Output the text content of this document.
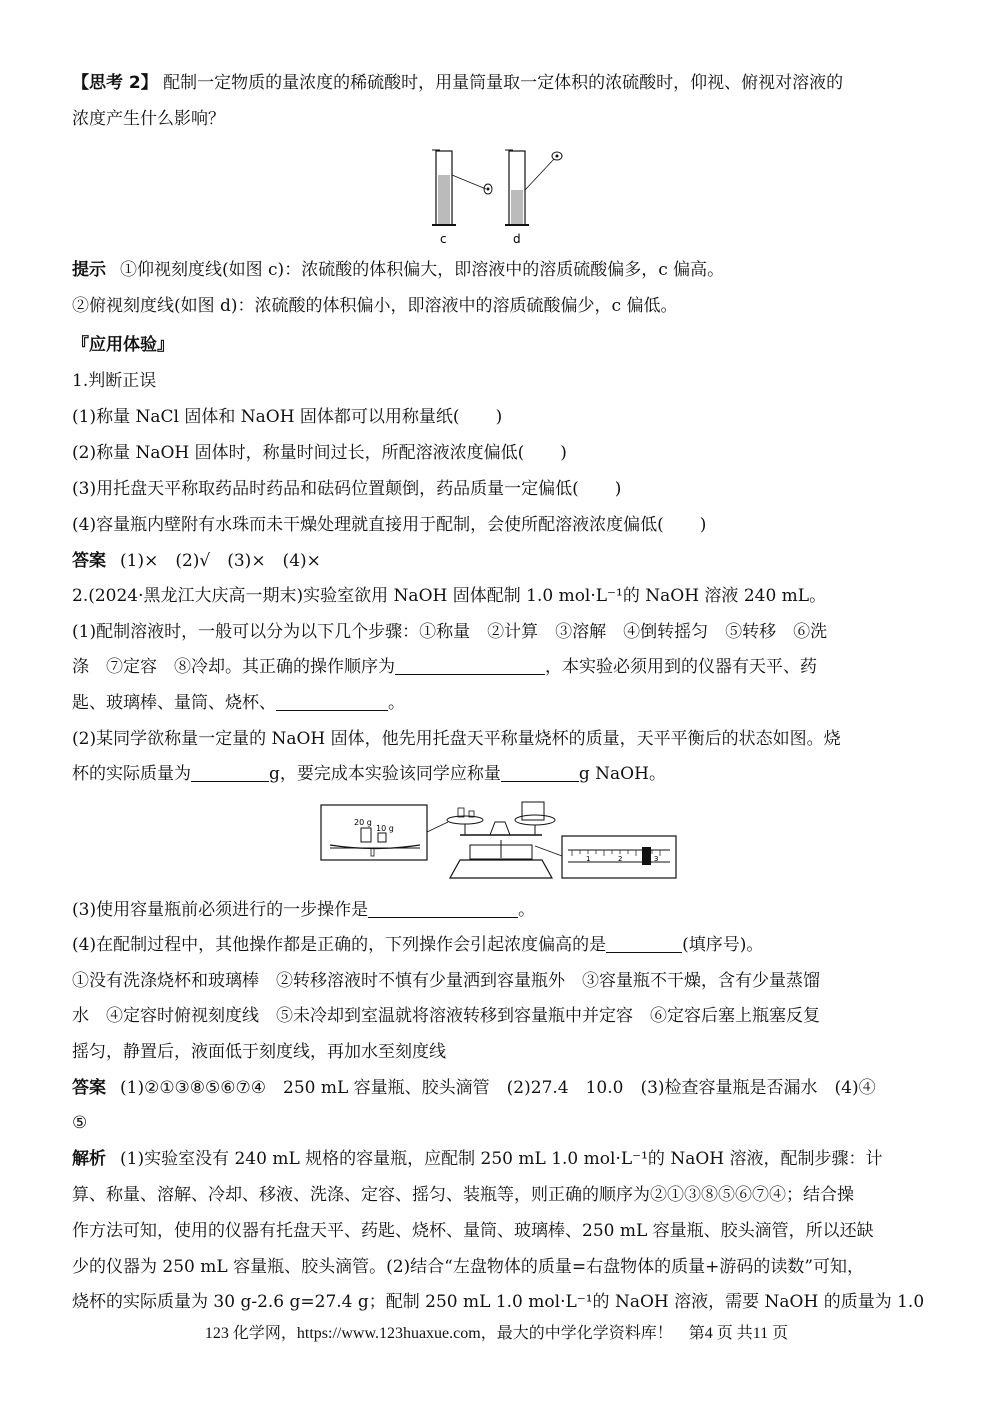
【思考 2】 配制一定物质的量浓度的稀硫酸时，用量筒量取一定体积的浓硫酸时，仰视、俯视对溶液的
浓度产生什么影响？
c	d
提示 ①仰视刻度线(如图 c)：浓硫酸的体积偏大，即溶液中的溶质硫酸偏多，c 偏高。
②俯视刻度线(如图 d)：浓硫酸的体积偏小，即溶液中的溶质硫酸偏少，c 偏低。
『应用体验』
1.判断正误
(1)称量 NaCl 固体和 NaOH 固体都可以用称量纸( )
(2)称量 NaOH 固体时，称量时间过长，所配溶液浓度偏低( )
(3)用托盘天平称取药品时药品和砝码位置颠倒，药品质量一定偏低( )
(4)容量瓶内壁附有水珠而未干燥处理就直接用于配制，会使所配溶液浓度偏低( )
答案 (1)×　(2)√　(3)×　(4)×
2.(2024·黑龙江大庆高一期末)实验室欲用 NaOH 固体配制 1.0 mol·L⁻¹的 NaOH 溶液 240 mL。
(1)配制溶液时，一般可以分为以下几个步骤：①称量　②计算　③溶解　④倒转摇匀　⑤转移　⑥洗
涤　⑦定容　⑧冷却。其正确的操作顺序为	，本实验必须用到的仪器有天平、药
匙、玻璃棒、量筒、烧杯、	。
(2)某同学欲称量一定量的 NaOH 固体，他先用托盘天平称量烧杯的质量，天平平衡后的状态如图。烧
杯的实际质量为	g，要完成本实验该同学应称量	g NaOH。
20 g
10 g
1	2	3
(3)使用容量瓶前必须进行的一步操作是	。
(4)在配制过程中，其他操作都是正确的，下列操作会引起浓度偏高的是	(填序号)。
①没有洗涤烧杯和玻璃棒　②转移溶液时不慎有少量洒到容量瓶外　③容量瓶不干燥，含有少量蒸馏
水　④定容时俯视刻度线　⑤未冷却到室温就将溶液转移到容量瓶中并定容　⑥定容后塞上瓶塞反复
摇匀，静置后，液面低于刻度线，再加水至刻度线
答案 (1)②①③⑧⑤⑥⑦④　250 mL 容量瓶、胶头滴管　(2)27.4　10.0　(3)检查容量瓶是否漏水　(4)④
⑤
解析 (1)实验室没有 240 mL 规格的容量瓶，应配制 250 mL 1.0 mol·L⁻¹的 NaOH 溶液，配制步骤：计
算、称量、溶解、冷却、移液、洗涤、定容、摇匀、装瓶等，则正确的顺序为②①③⑧⑤⑥⑦④；结合操
作方法可知，使用的仪器有托盘天平、药匙、烧杯、量筒、玻璃棒、250 mL 容量瓶、胶头滴管，所以还缺
少的仪器为 250 mL 容量瓶、胶头滴管。(2)结合“左盘物体的质量=右盘物体的质量+游码的读数”可知，
烧杯的实际质量为 30 g-2.6 g=27.4 g；配制 250 mL 1.0 mol·L⁻¹的 NaOH 溶液，需要 NaOH 的质量为 1.0
123 化学网，https://www.123huaxue.com，最大的中学化学资料库！　第4 页 共11 页
